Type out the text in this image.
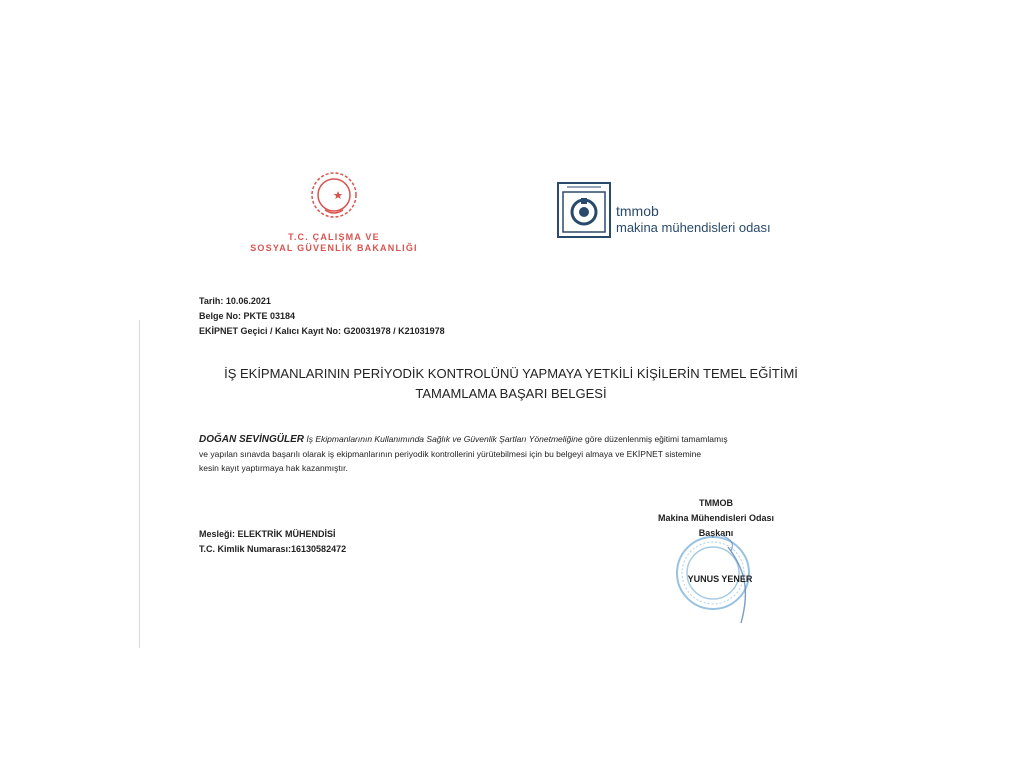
T.C. ÇALIŞMA VE
SOSYAL GÜVENLİK BAKANLIĞI
tmmob
makina mühendisleri odası
Tarih: 10.06.2021
Belge No: PKTE 03184
EKİPNET Geçici / Kalıcı Kayıt No: G20031978 / K21031978
İŞ EKİPMANLARININ PERİYODİK KONTROLÜNÜ YAPMAYA YETKİLİ KİŞİLERİN TEMEL EĞİTİMİ
TAMAMLAMA BAŞARI BELGESİ
DOĞAN SEVİNGÜLER İş Ekipmanlarının Kullanımında Sağlık ve Güvenlik Şartları Yönetmeliğine göre düzenlenmiş eğitimi tamamlamış
ve yapılan sınavda başarılı olarak iş ekipmanlarının periyodik kontrollerini yürütebilmesi için bu belgeyi almaya ve EKİPNET sistemine
kesin kayıt yaptırmaya hak kazanmıştır.
TMMOB
Makina Mühendisleri Odası
Başkanı
YUNUS YENER
Mesleği: ELEKTRİK MÜHENDİSİ
T.C. Kimlik Numarası:16130582472
